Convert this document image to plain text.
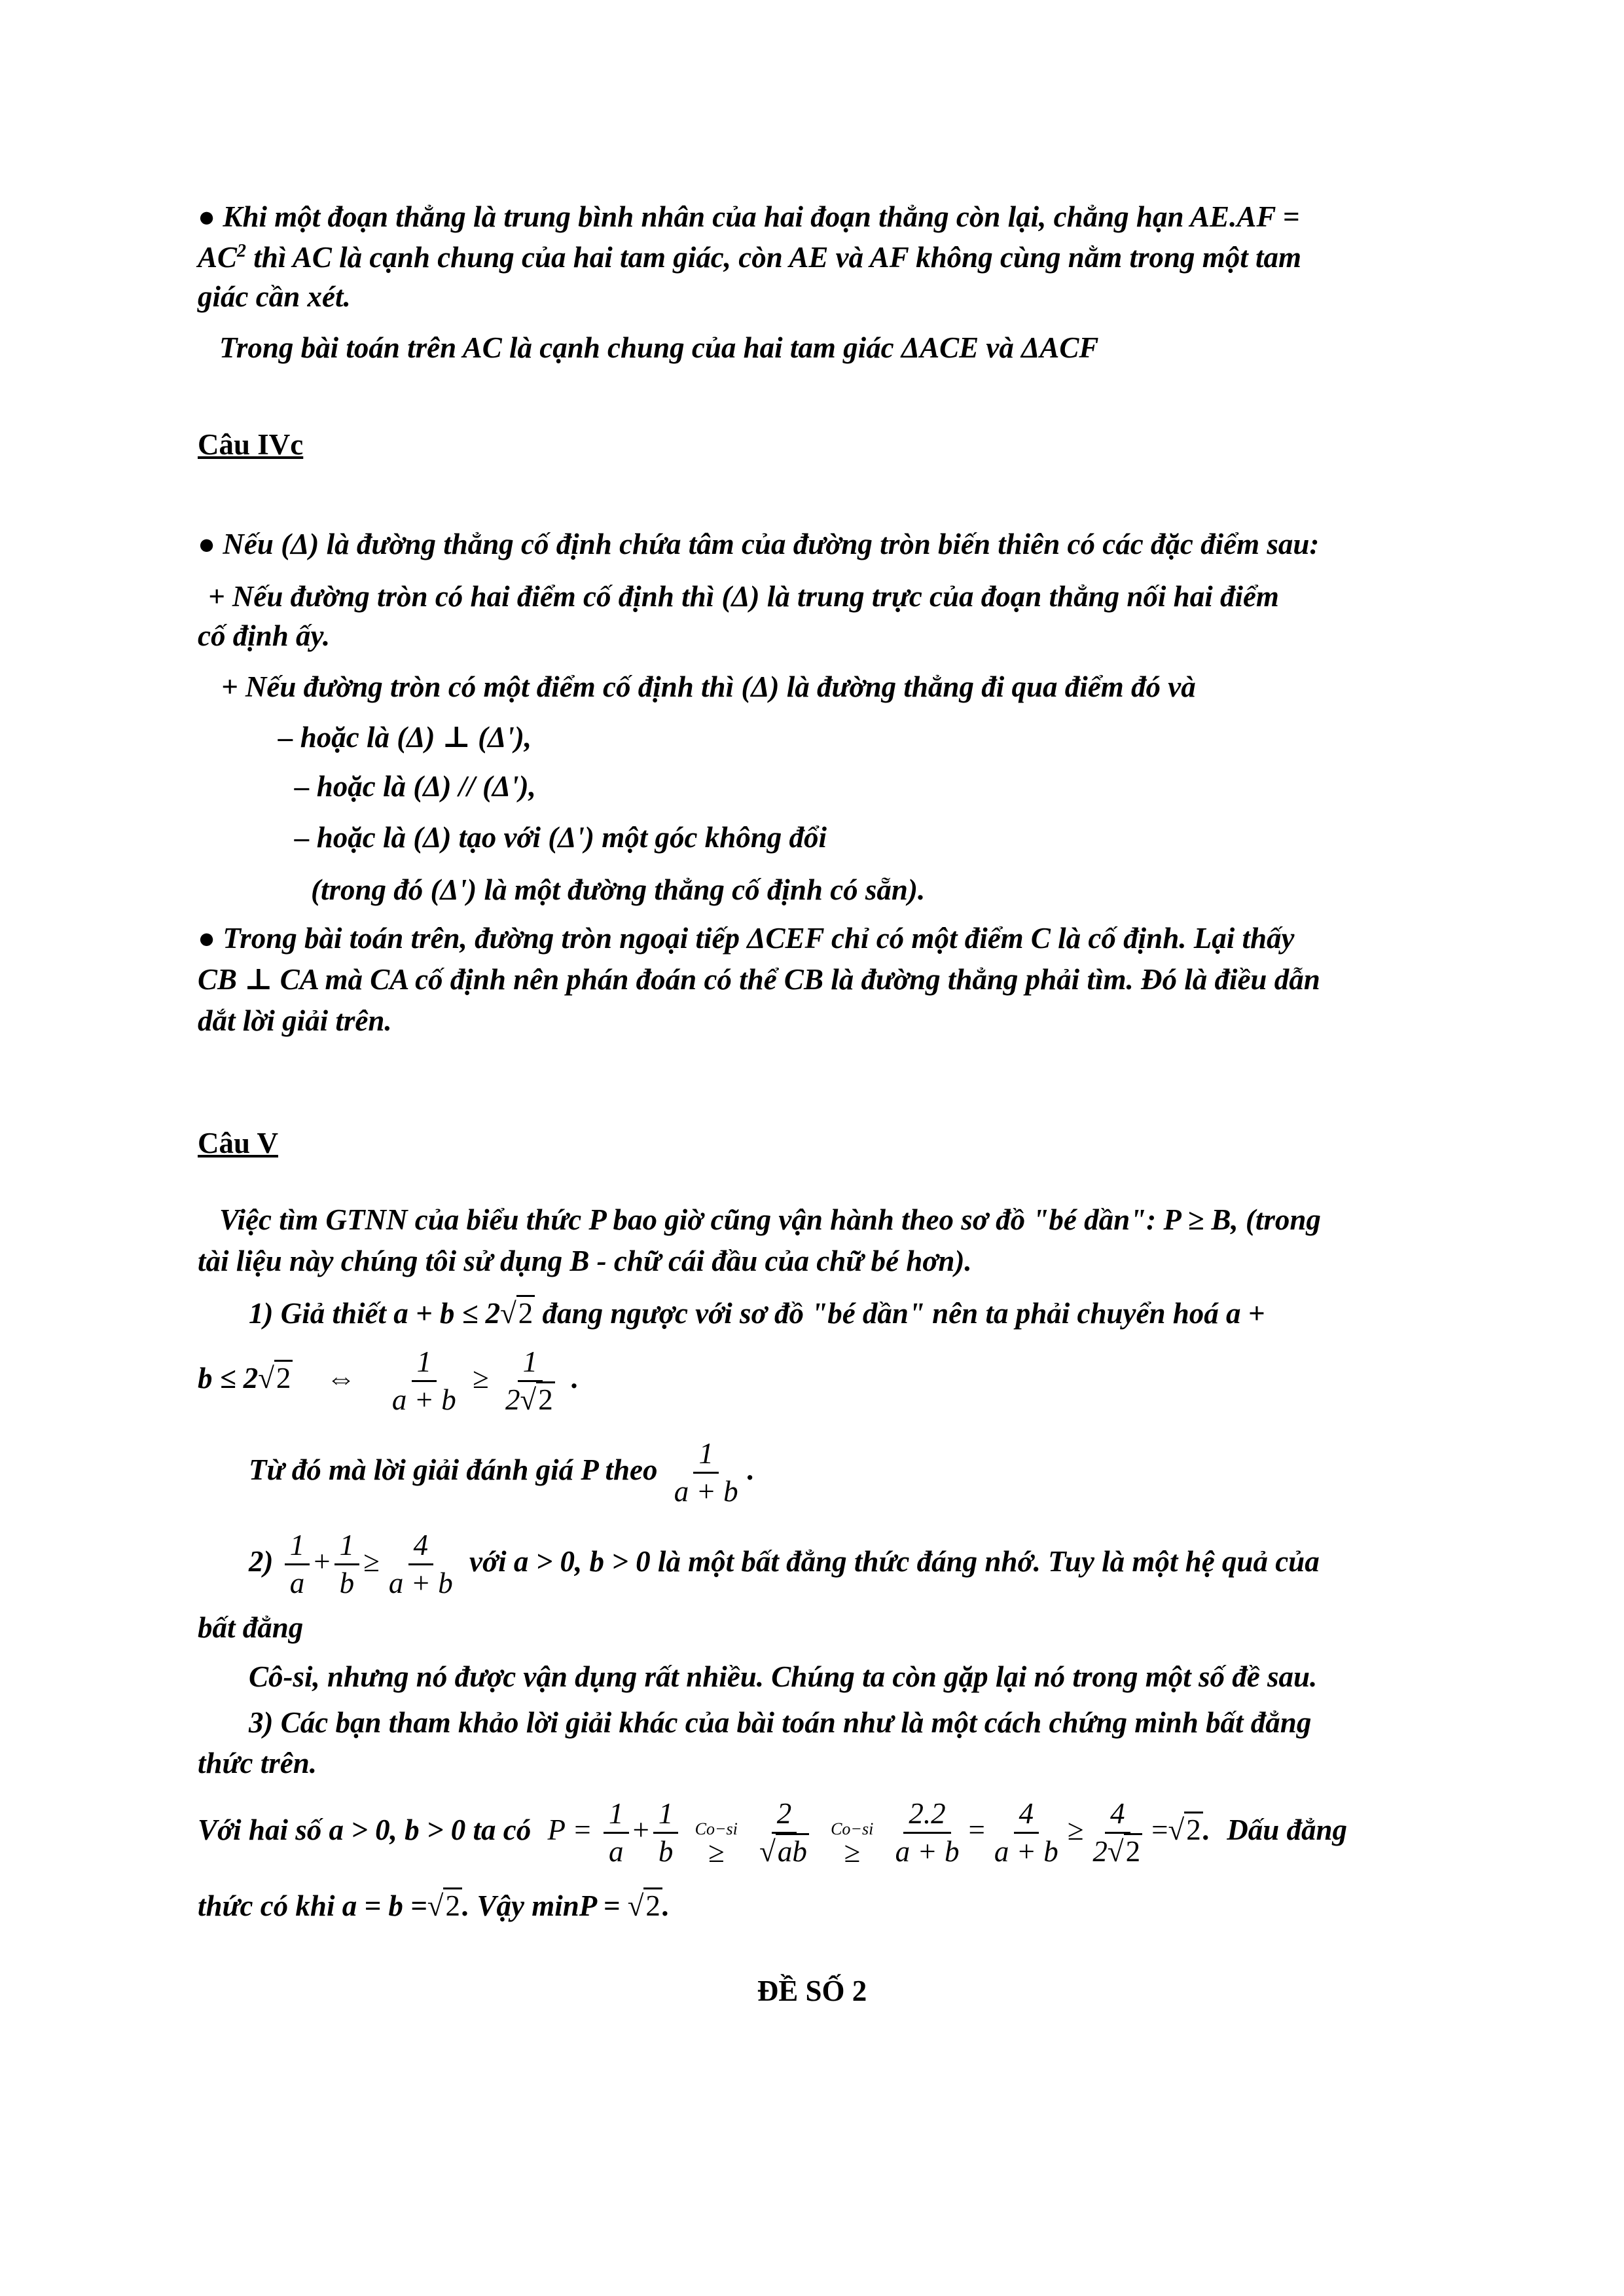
● Khi một đoạn thẳng là trung bình nhân của hai đoạn thẳng còn lại, chẳng hạn AE.AF =
$AC^2$ thì AC là cạnh chung của hai tam giác, còn AE và AF không cùng nằm trong một tam
giác cần xét.
Trong bài toán trên AC là cạnh chung của hai tam giác ΔACE và ΔACF
Câu IVc
● Nếu (Δ) là đường thẳng cố định chứa tâm của đường tròn biến thiên có các đặc điểm sau:
+ Nếu đường tròn có hai điểm cố định thì (Δ) là trung trực của đoạn thẳng nối hai điểm
cố định ấy.
+ Nếu đường tròn có một điểm cố định thì (Δ) là đường thẳng đi qua điểm đó và
– hoặc là (Δ) ⊥ (Δ'),
– hoặc là (Δ) // (Δ'),
– hoặc là (Δ) tạo với (Δ') một góc không đổi
(trong đó (Δ') là một đường thẳng cố định có sẵn).
● Trong bài toán trên, đường tròn ngoại tiếp ΔCEF chỉ có một điểm C là cố định. Lại thấy
CB ⊥ CA mà CA cố định nên phán đoán có thể CB là đường thẳng phải tìm. Đó là điều dẫn
dắt lời giải trên.
Câu V
Việc tìm GTNN của biểu thức P bao giờ cũng vận hành theo sơ đồ "bé dần": P ≥ B, (trong
tài liệu này chúng tôi sử dụng B - chữ cái đầu của chữ bé hơn).
1) Giả thiết a + b ≤ 2√2 đang ngược với sơ đồ "bé dần" nên ta phải chuyển hoá a +
b ≤ 2√2 ⇔ $\frac{1}{a + b} \ge \frac{1}{2√2}$ .
Từ đó mà lời giải đánh giá P theo $\frac{1}{a + b}$ .
$2) \frac{1}{a} + \frac{1}{b} \ge \frac{4}{a + b}$ với a > 0, b > 0 là một bất đẳng thức đáng nhớ. Tuy là một hệ quả của
bất đẳng
Cô-si, nhưng nó được vận dụng rất nhiều. Chúng ta còn gặp lại nó trong một số đề sau.
3) Các bạn tham khảo lời giải khác của bài toán như là một cách chứng minh bất đẳng
thức trên.
Với hai số a > 0, b > 0 ta có $P = \frac{1}{a} + \frac{1}{b}$
Co−si
≥
$\frac{2}{√ab}$
Co−si
≥
$\frac{2.2}{a + b} = \frac{4}{a + b} \ge \frac{4}{2√2} =√2$. Dấu đẳng
thức có khi a = b =√2. Vậy minP = √2.
ĐỀ SỐ 2
